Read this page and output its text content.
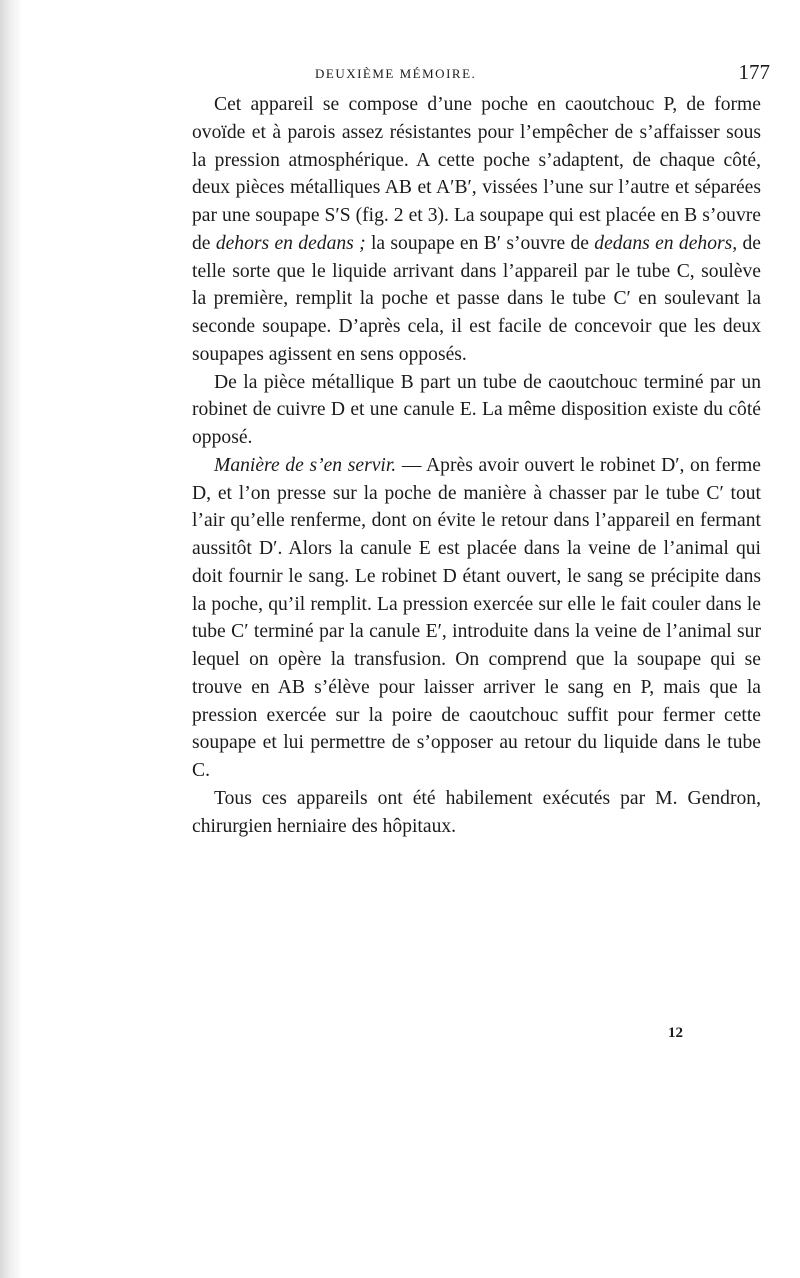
DEUXIÈME MÉMOIRE.	177

Cet appareil se compose d’une poche en caoutchouc P, de forme ovoïde et à parois assez résistantes pour l’empêcher de s’affaisser sous la pression atmosphérique. A cette poche s’adaptent, de chaque côté, deux pièces métalliques AB et A′B′, vissées l’une sur l’autre et séparées par une soupape S′S (fig. 2 et 3). La soupape qui est placée en B s’ouvre de dehors en dedans ; la soupape en B′ s’ouvre de dedans en dehors, de telle sorte que le liquide arrivant dans l’appareil par le tube C, soulève la première, remplit la poche et passe dans le tube C′ en soulevant la seconde soupape. D’après cela, il est facile de concevoir que les deux soupapes agissent en sens opposés.

De la pièce métallique B part un tube de caoutchouc terminé par un robinet de cuivre D et une canule E. La même disposition existe du côté opposé.

Manière de s’en servir. — Après avoir ouvert le robinet D′, on ferme D, et l’on presse sur la poche de manière à chasser par le tube C′ tout l’air qu’elle renferme, dont on évite le retour dans l’appareil en fermant aussitôt D′. Alors la canule E est placée dans la veine de l’animal qui doit fournir le sang. Le robinet D étant ouvert, le sang se précipite dans la poche, qu’il remplit. La pression exercée sur elle le fait couler dans le tube C′ terminé par la canule E′, introduite dans la veine de l’animal sur lequel on opère la transfusion. On comprend que la soupape qui se trouve en AB s’élève pour laisser arriver le sang en P, mais que la pression exercée sur la poire de caoutchouc suffit pour fermer cette soupape et lui permettre de s’opposer au retour du liquide dans le tube C.

Tous ces appareils ont été habilement exécutés par M. Gendron, chirurgien herniaire des hôpitaux.

12
